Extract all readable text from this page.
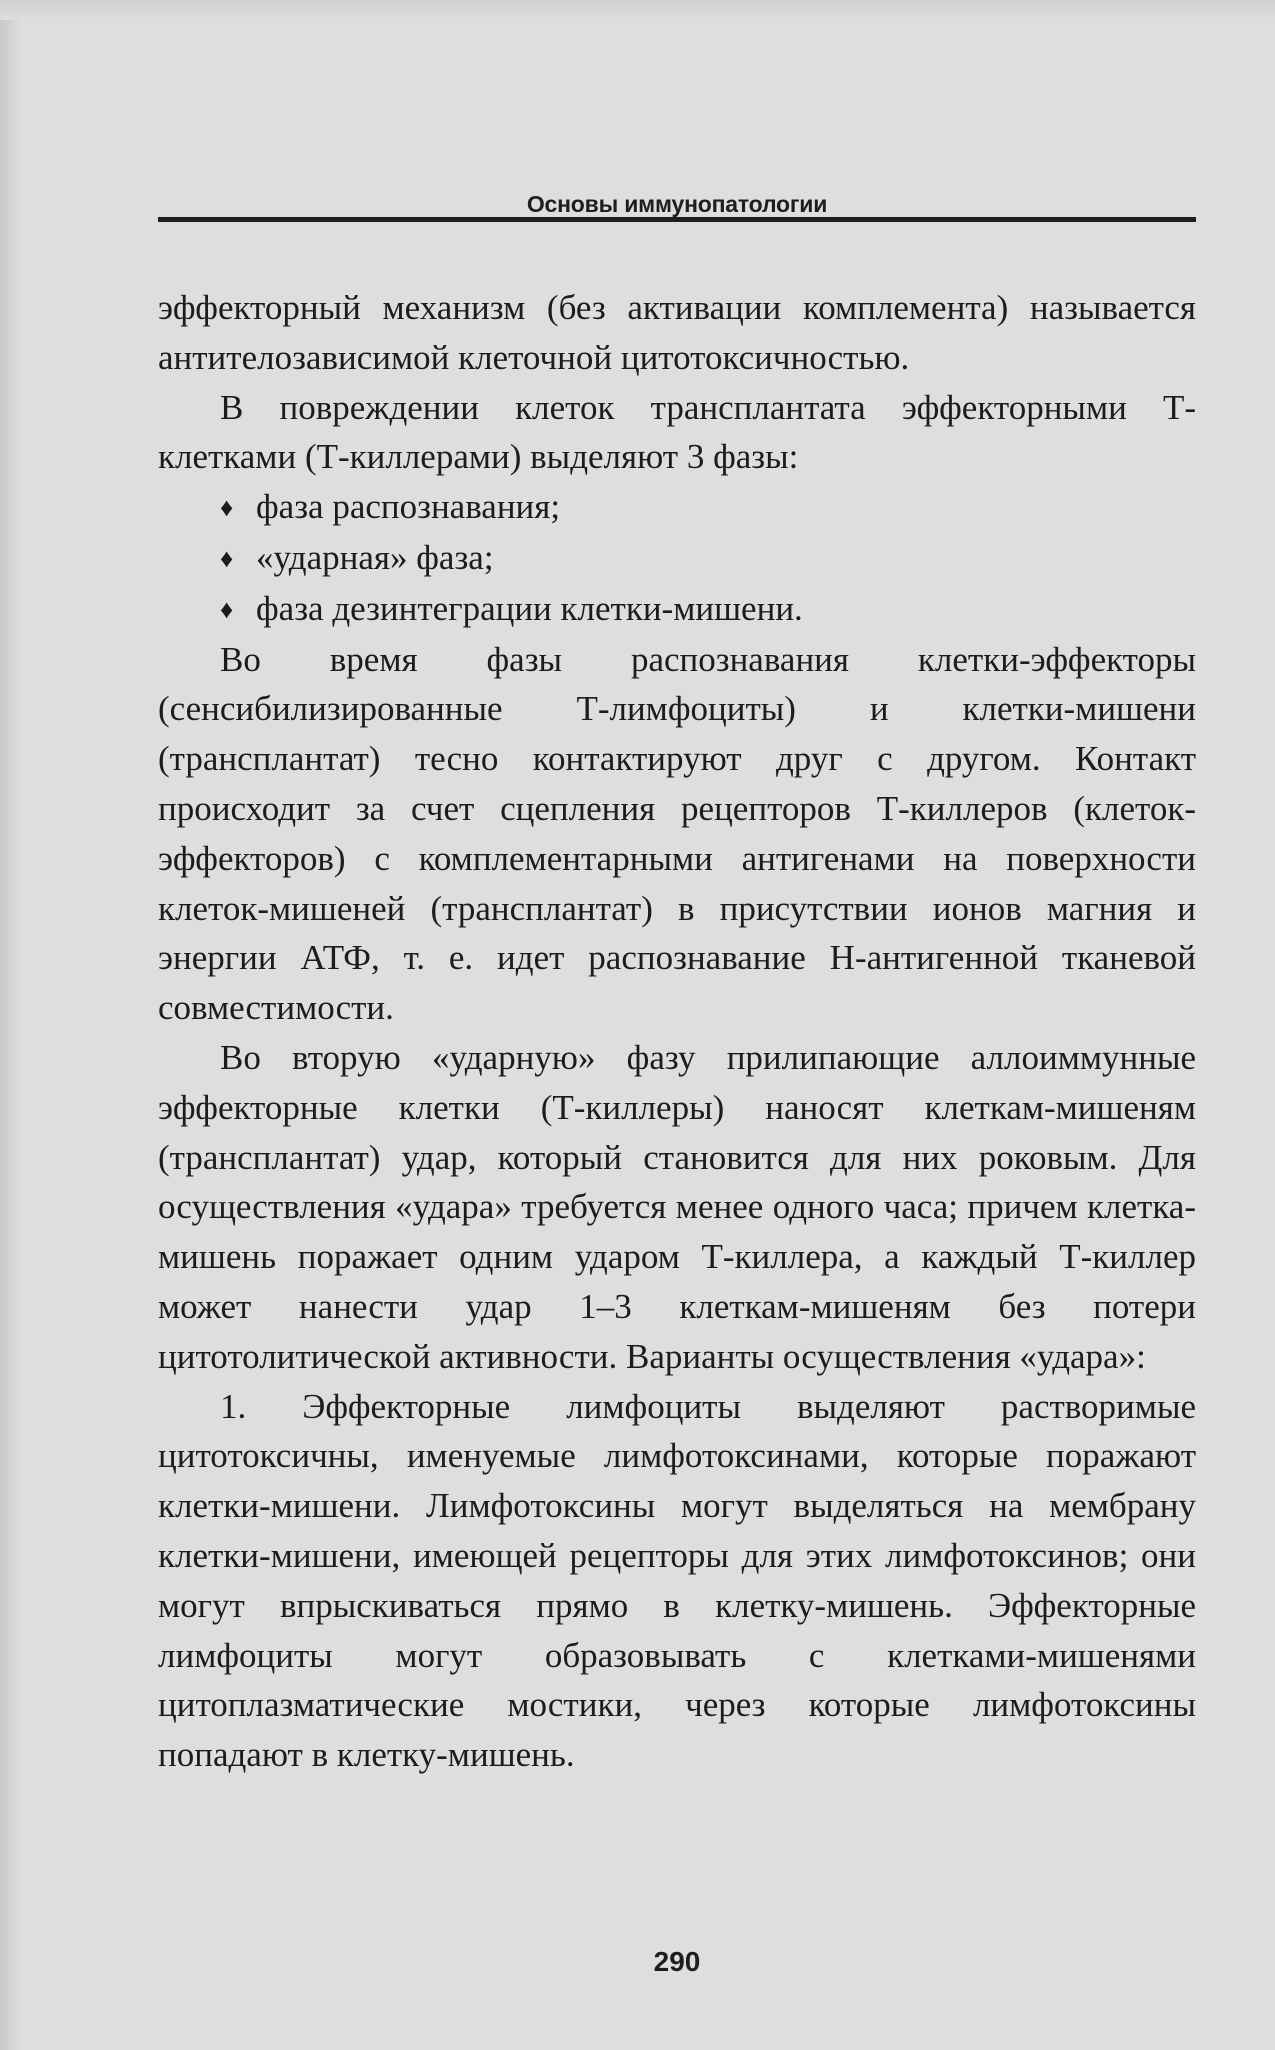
Основы иммунопатологии

эффекторный механизм (без активации комплемента) называется антителозависимой клеточной цитотоксичностью.

В повреждении клеток трансплантата эффекторными Т-клетками (Т-киллерами) выделяют 3 фазы:

♦ фаза распознавания;
♦ «ударная» фаза;
♦ фаза дезинтеграции клетки-мишени.

Во время фазы распознавания клетки-эффекторы (сенсибилизированные Т-лимфоциты) и клетки-мишени (трансплантат) тесно контактируют друг с другом. Контакт происходит за счет сцепления рецепторов Т-киллеров (клеток-эффекторов) с комплементарными антигенами на поверхности клеток-мишеней (трансплантат) в присутствии ионов магния и энергии АТФ, т. е. идет распознавание Н-антигенной тканевой совместимости.

Во вторую «ударную» фазу прилипающие аллоиммунные эффекторные клетки (Т-киллеры) наносят клеткам-мишеням (трансплантат) удар, который становится для них роковым. Для осуществления «удара» требуется менее одного часа; причем клетка-мишень поражает одним ударом Т-киллера, а каждый Т-киллер может нанести удар 1–3 клеткам-мишеням без потери цитотолитической активности. Варианты осуществления «удара»:

1. Эффекторные лимфоциты выделяют растворимые цитотоксичны, именуемые лимфотоксинами, которые поражают клетки-мишени. Лимфотоксины могут выделяться на мембрану клетки-мишени, имеющей рецепторы для этих лимфотоксинов; они могут впрыскиваться прямо в клетку-мишень. Эффекторные лимфоциты могут образовывать с клетками-мишенями цитоплазматические мостики, через которые лимфотоксины попадают в клетку-мишень.

290
